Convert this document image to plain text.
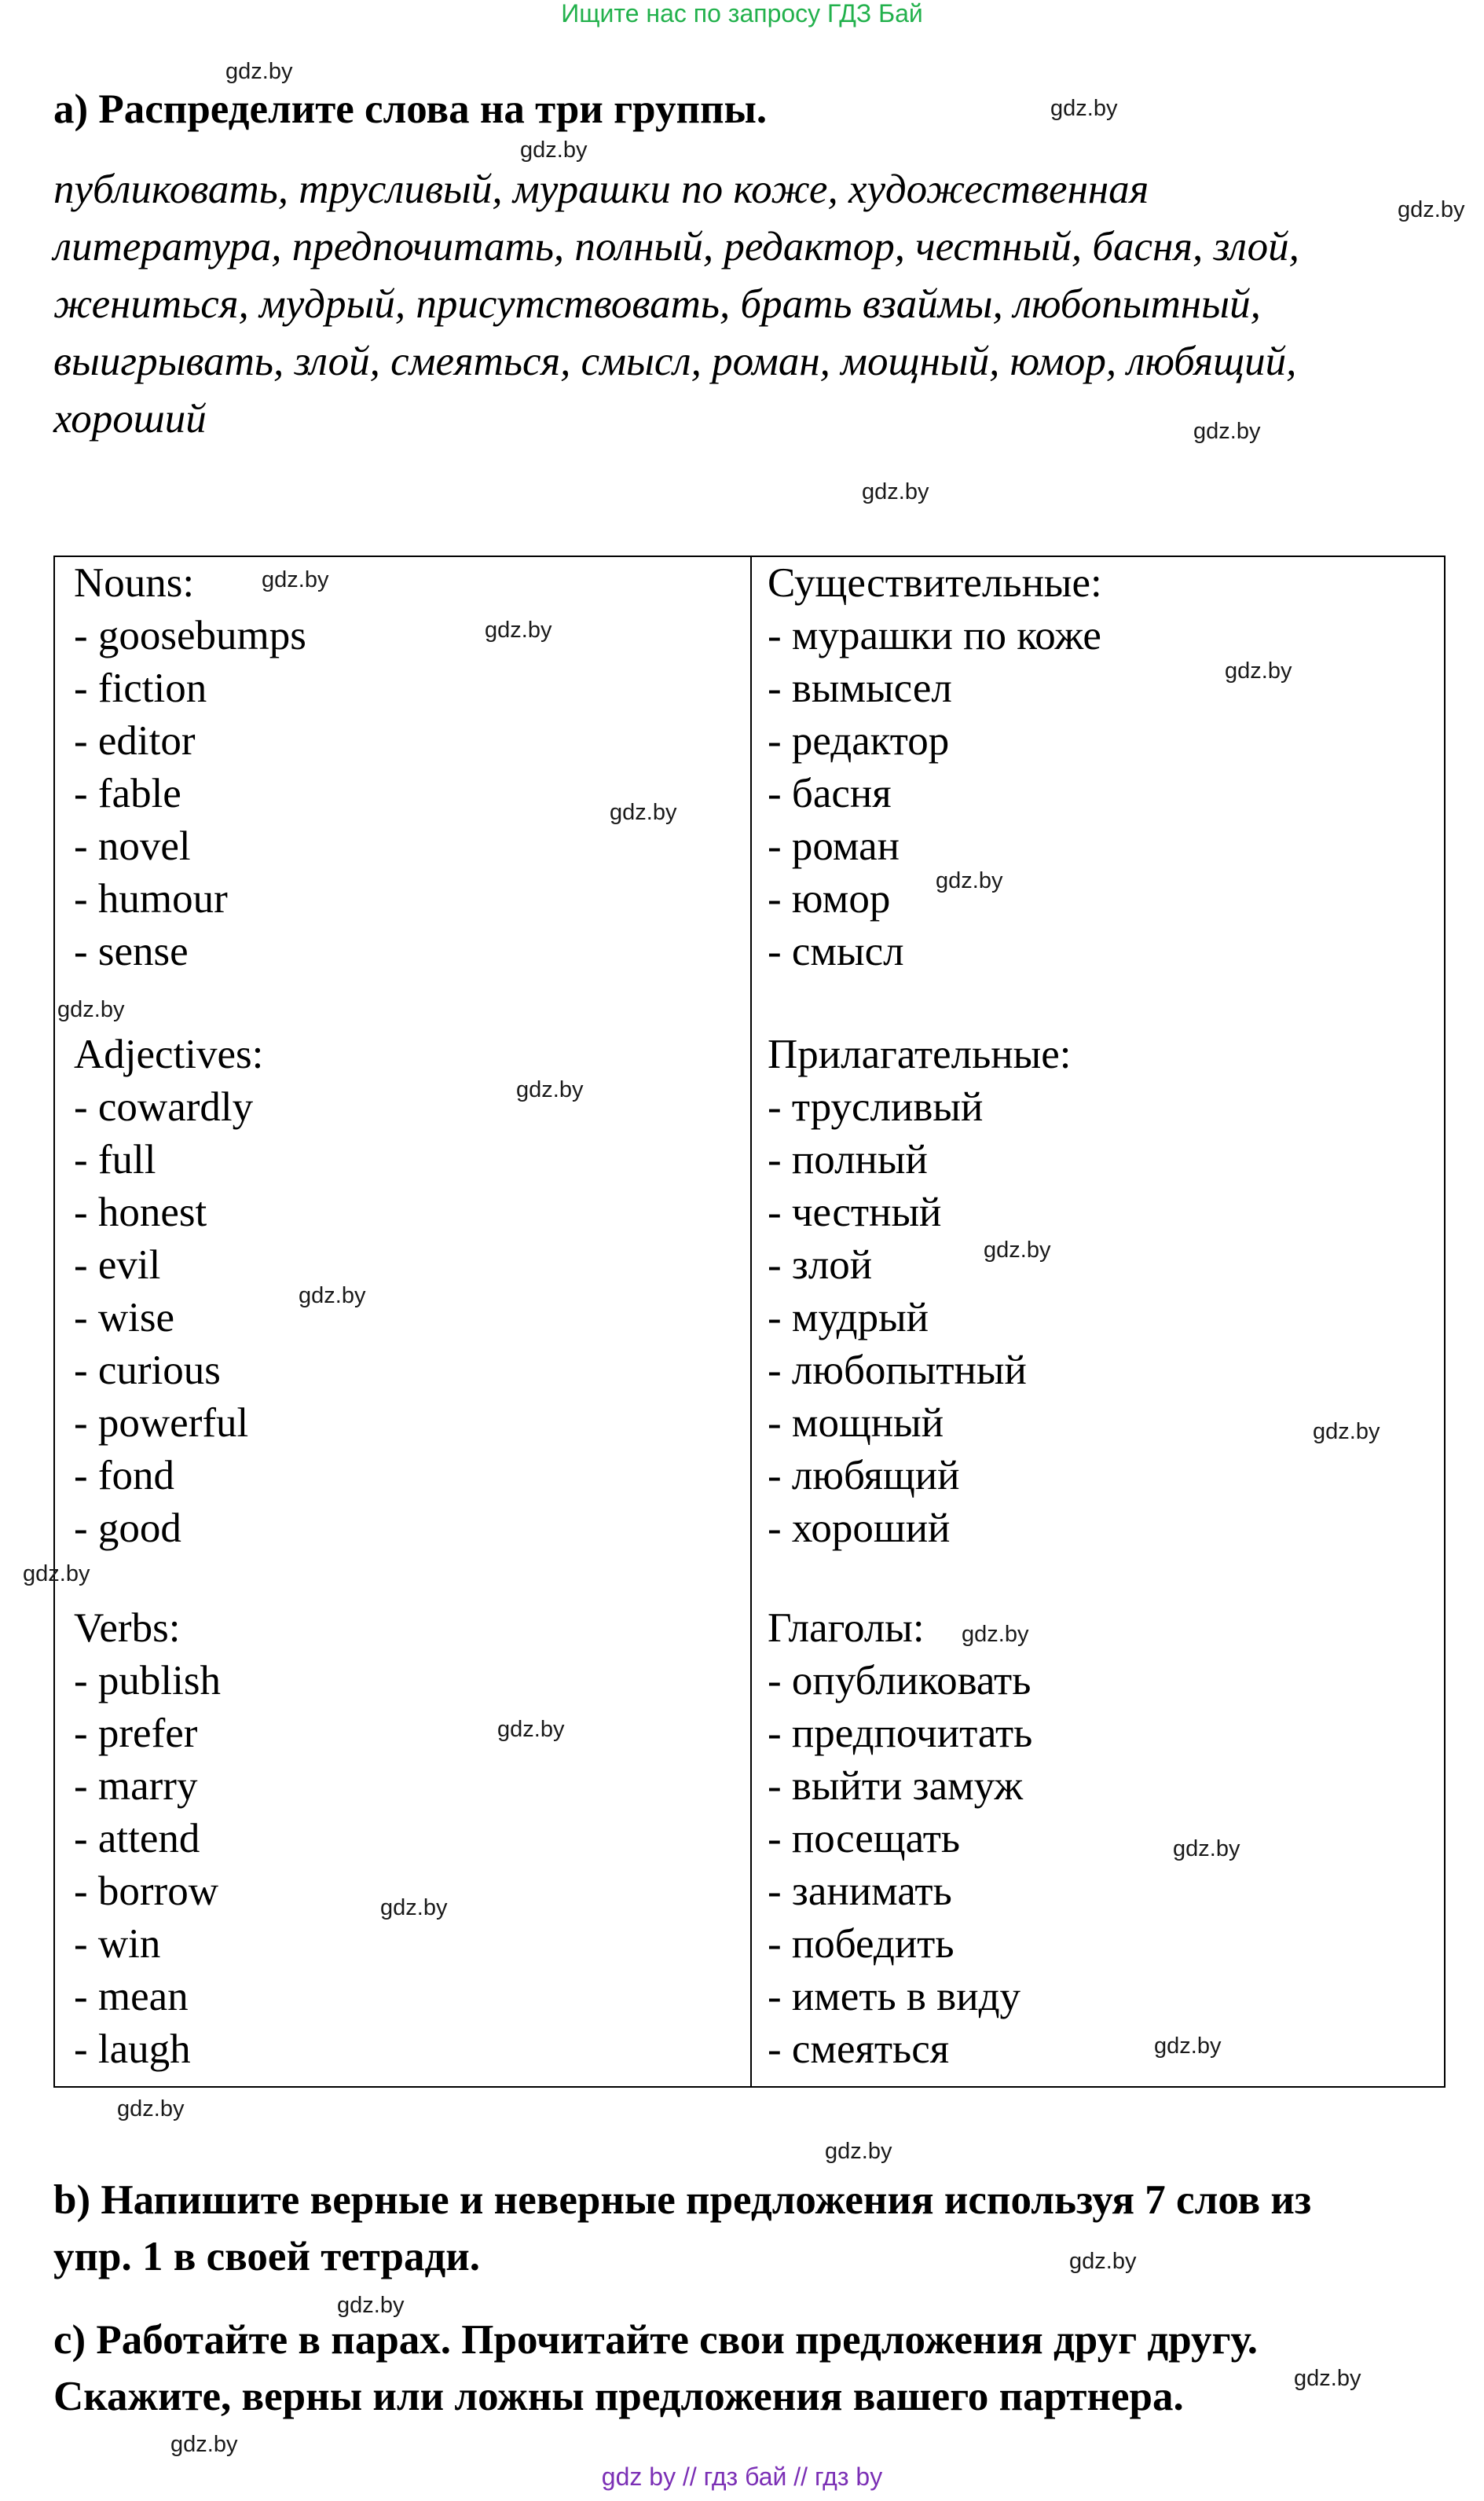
Ищите нас по запросу ГДЗ Бай
a) Распределите слова на три группы.
публиковать, трусливый, мурашки по коже, художественная
литература, предпочитать, полный, редактор, честный, басня, злой,
жениться, мудрый, присутствовать, брать взаймы, любопытный,
выигрывать, злой, смеяться, смысл, роман, мощный, юмор, любящий,
хороший
Nouns:
- goosebumps
- fiction
- editor
- fable
- novel
- humour
- sense
Adjectives:
- cowardly
- full
- honest
- evil
- wise
- curious
- powerful
- fond
- good
Verbs:
- publish
- prefer
- marry
- attend
- borrow
- win
- mean
- laugh
Существительные:
- мурашки по коже
- вымысел
- редактор
- басня
- роман
- юмор
- смысл
Прилагательные:
- трусливый
- полный
- честный
- злой
- мудрый
- любопытный
- мощный
- любящий
- хороший
Глаголы:
- опубликовать
- предпочитать
- выйти замуж
- посещать
- занимать
- победить
- иметь в виду
- смеяться
b) Напишите верные и неверные предложения используя 7 слов из
упр. 1 в своей тетради.
c) Работайте в парах. Прочитайте свои предложения друг другу.
Скажите, верны или ложны предложения вашего партнера.
gdz.by
gdz.by
gdz.by
gdz.by
gdz.by
gdz.by
gdz.by
gdz.by
gdz.by
gdz.by
gdz.by
gdz.by
gdz.by
gdz.by
gdz.by
gdz.by
gdz.by
gdz.by
gdz.by
gdz.by
gdz.by
gdz.by
gdz.by
gdz.by
gdz.by
gdz.by
gdz.by
gdz.by
gdz by // гдз бай // гдз by
